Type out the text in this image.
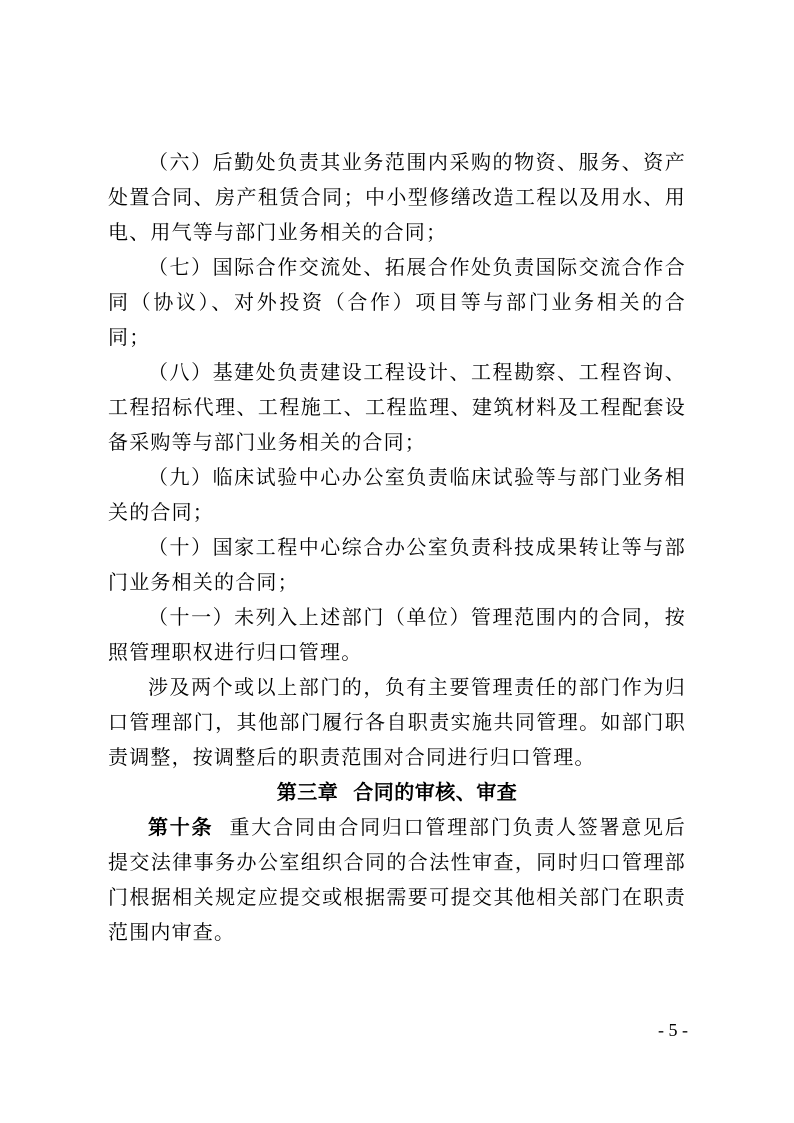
（六）后勤处负责其业务范围内采购的物资、服务、资产处置合同、房产租赁合同；中小型修缮改造工程以及用水、用电、用气等与部门业务相关的合同；

（七）国际合作交流处、拓展合作处负责国际交流合作合同（协议）、对外投资（合作）项目等与部门业务相关的合同；

（八）基建处负责建设工程设计、工程勘察、工程咨询、工程招标代理、工程施工、工程监理、建筑材料及工程配套设备采购等与部门业务相关的合同；

（九）临床试验中心办公室负责临床试验等与部门业务相关的合同；

（十）国家工程中心综合办公室负责科技成果转让等与部门业务相关的合同；

（十一）未列入上述部门（单位）管理范围内的合同，按照管理职权进行归口管理。

涉及两个或以上部门的，负有主要管理责任的部门作为归口管理部门，其他部门履行各自职责实施共同管理。如部门职责调整，按调整后的职责范围对合同进行归口管理。

第三章  合同的审核、审查

第十条 重大合同由合同归口管理部门负责人签署意见后提交法律事务办公室组织合同的合法性审查，同时归口管理部门根据相关规定应提交或根据需要可提交其他相关部门在职责范围内审查。

- 5 -
